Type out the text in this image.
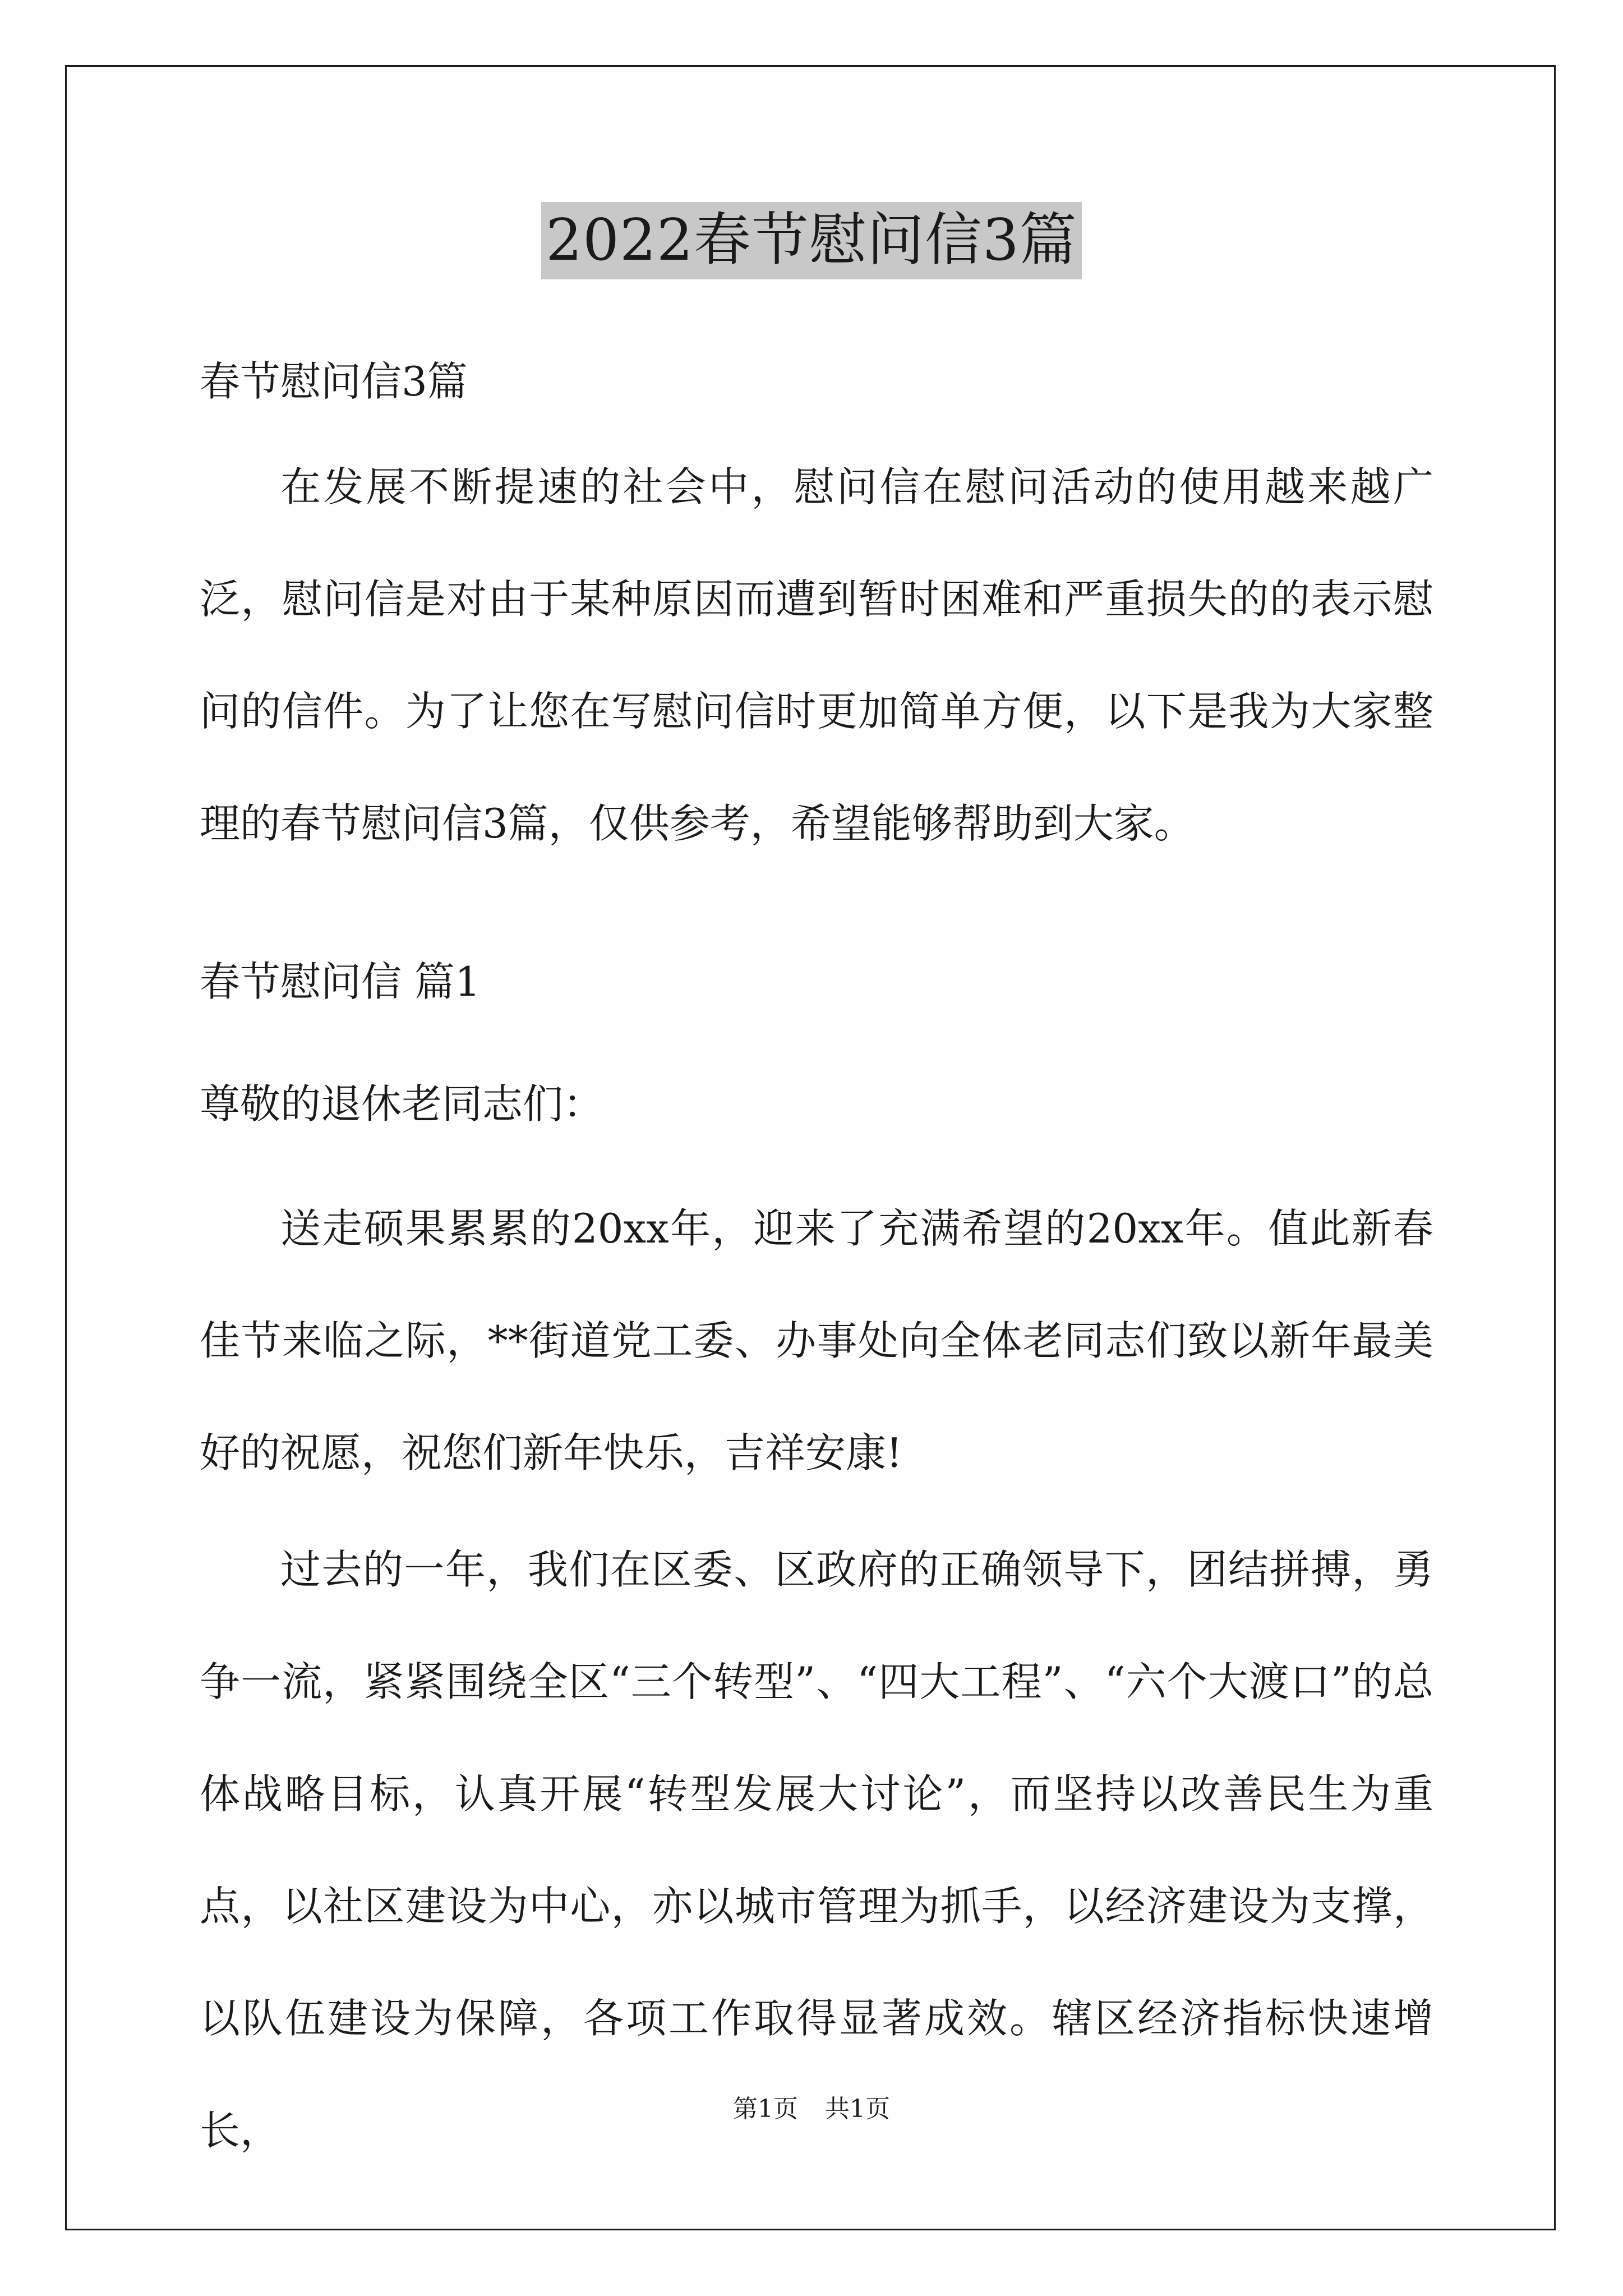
2022春节慰问信3篇
春节慰问信3篇

在发展不断提速的社会中，慰问信在慰问活动的使用越来越广泛，慰问信是对由于某种原因而遭到暂时困难和严重损失的的表示慰问的信件。为了让您在写慰问信时更加简单方便，以下是我为大家整理的春节慰问信3篇，仅供参考，希望能够帮助到大家。

春节慰问信 篇1
尊敬的退休老同志们：

送走硕果累累的20xx年，迎来了充满希望的20xx年。值此新春佳节来临之际，**街道党工委、办事处向全体老同志们致以新年最美好的祝愿，祝您们新年快乐，吉祥安康!

过去的一年，我们在区委、区政府的正确领导下，团结拼搏，勇争一流，紧紧围绕全区“三个转型”、“四大工程”、“六个大渡口”的总体战略目标，认真开展“转型发展大讨论”，而坚持以改善民生为重点，以社区建设为中心，亦以城市管理为抓手，以经济建设为支撑，以队伍建设为保障，各项工作取得显著成效。辖区经济指标快速增长，	第1页 共1页
